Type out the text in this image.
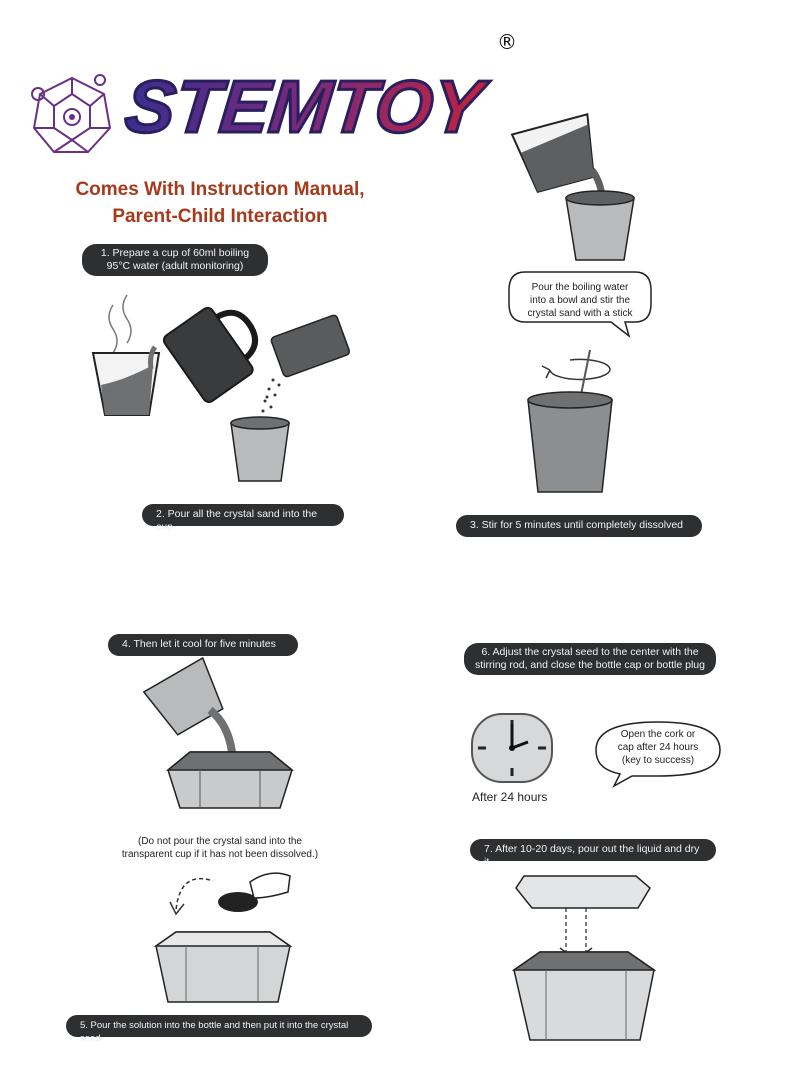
STEMTOY
®
Comes With Instruction Manual,
Parent-Child Interaction
1. Prepare a cup of 60ml boiling
95°C water (adult monitoring)
2. Pour all the crystal sand into the cup
Pour the boiling water
into a bowl and stir the
crystal sand with a stick
3. Stir for 5 minutes until completely dissolved
4. Then let it cool for five minutes
(Do not pour the crystal sand into the
transparent cup if it has not been dissolved.)
5. Pour the solution into the bottle and then put it into the crystal seed
6. Adjust the crystal seed to the center with the
stirring rod, and close the bottle cap or bottle plug
After 24 hours
Open the cork or
cap after 24 hours
(key to success)
7. After 10-20 days, pour out the liquid and dry it
